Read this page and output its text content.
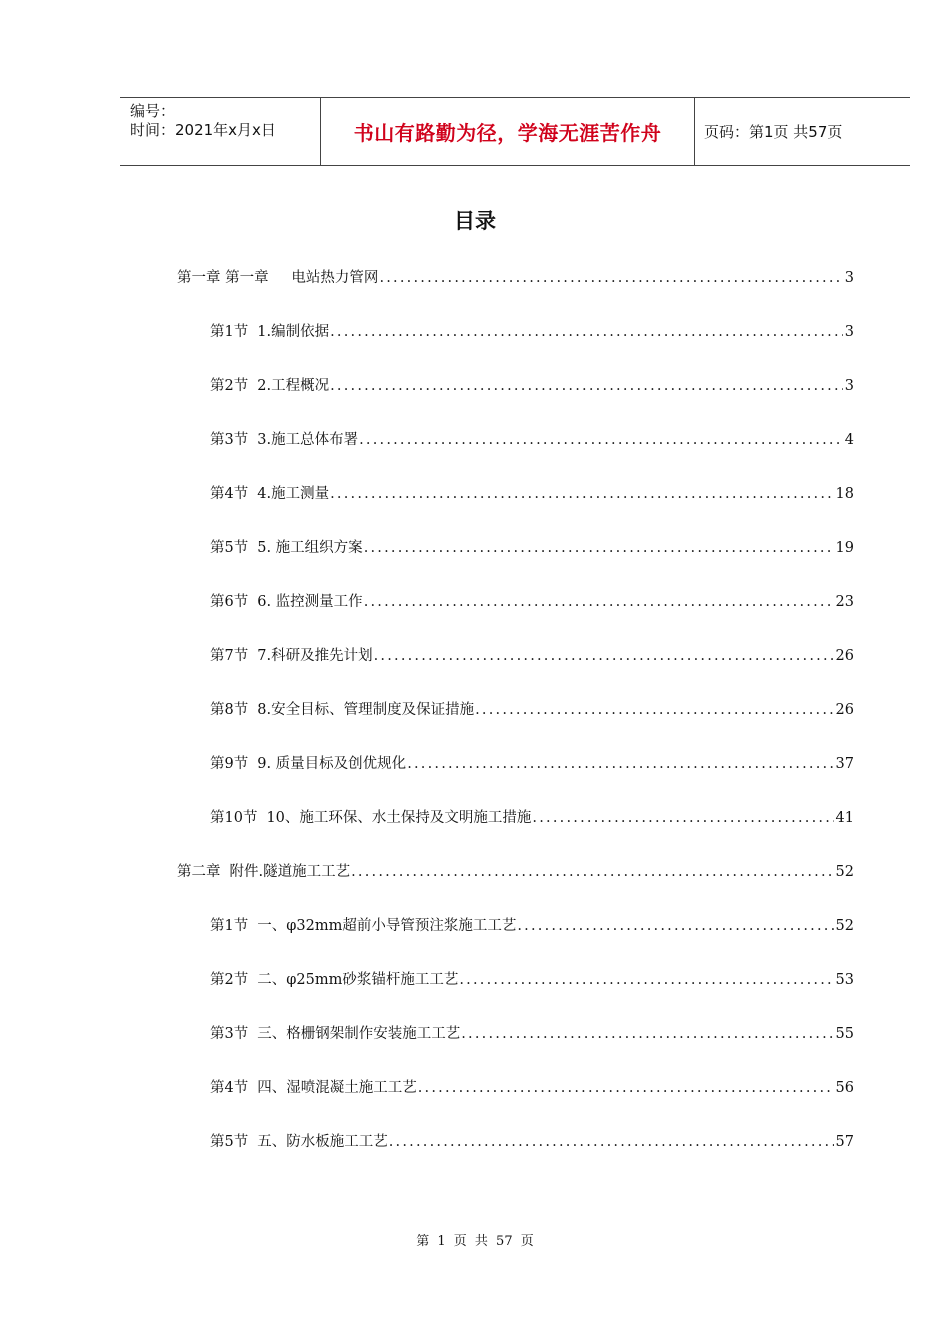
编号：
时间：2021年x月x日	书山有路勤为径，学海无涯苦作舟	页码：第1页 共57页
目录
第一章 第一章 电站热力管网 .....	3
第1节 1.编制依据 .....	3
第2节 2.工程概况 .....	3
第3节 3.施工总体布署 .....	4
第4节 4.施工测量 .....	18
第5节 5. 施工组织方案 .....	19
第6节 6. 监控测量工作 .....	23
第7节 7.科研及推先计划 .....	26
第8节 8.安全目标、管理制度及保证措施 .....	26
第9节 9. 质量目标及创优规化 .....	37
第10节 10、施工环保、水土保持及文明施工措施 .....	41
第二章 附件.隧道施工工艺 .....	52
第1节 一、φ32mm超前小导管预注浆施工工艺 .....	52
第2节 二、φ25mm砂浆锚杆施工工艺 .....	53
第3节 三、格栅钢架制作安装施工工艺 .....	55
第4节 四、湿喷混凝土施工工艺 .....	56
第5节 五、防水板施工工艺 .....	57
第 1 页 共 57 页
